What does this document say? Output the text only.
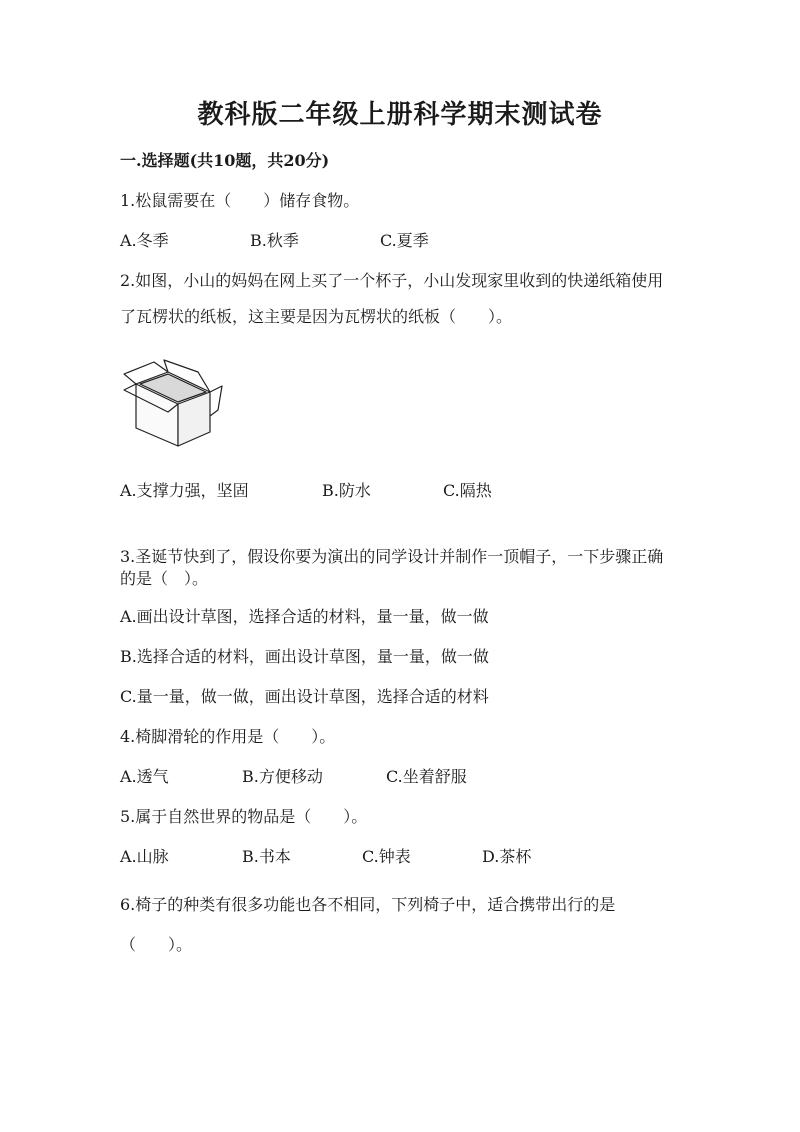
教科版二年级上册科学期末测试卷
一.选择题(共10题，共20分)
1.松鼠需要在（　　）储存食物。
A.冬季	B.秋季	C.夏季
2.如图，小山的妈妈在网上买了一个杯子，小山发现家里收到的快递纸箱使用
了瓦楞状的纸板，这主要是因为瓦楞状的纸板（　　）。
A.支撑力强，坚固	B.防水	C.隔热
3.圣诞节快到了，假设你要为演出的同学设计并制作一顶帽子，一下步骤正确
的是（　）。
A.画出设计草图，选择合适的材料，量一量，做一做
B.选择合适的材料，画出设计草图，量一量，做一做
C.量一量，做一做，画出设计草图，选择合适的材料
4.椅脚滑轮的作用是（　　）。
A.透气	B.方便移动	C.坐着舒服
5.属于自然世界的物品是（　　）。
A.山脉	B.书本	C.钟表	D.茶杯
6.椅子的种类有很多功能也各不相同，下列椅子中，适合携带出行的是
（　　）。
